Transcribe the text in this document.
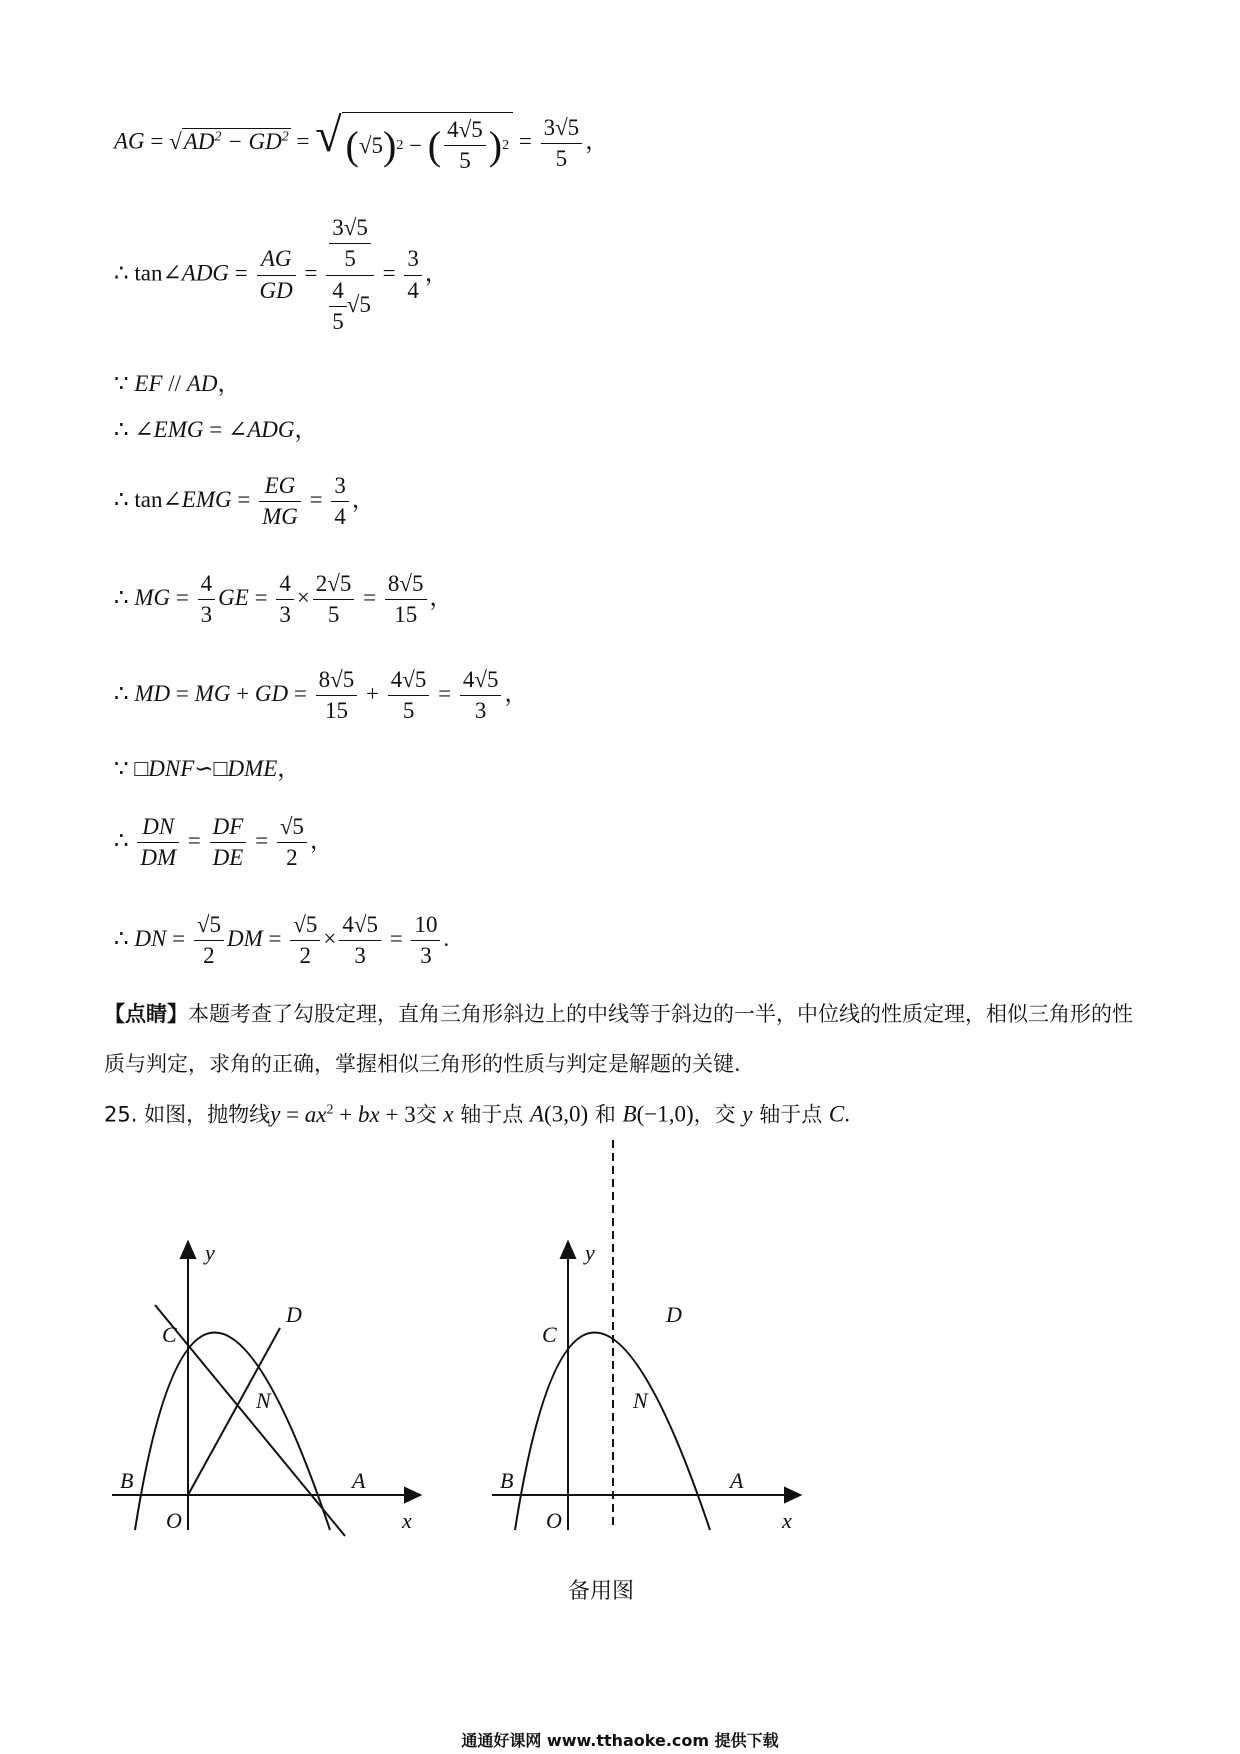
AG = $√AD^2 - GD^2$ = √ ( √5 ) 2 − ( $\frac{4√5}{5}$ ) $2 = \frac{3√5}{5}$ ，
∴ tan∠ADG = $\frac{AG}{GD} = \frac{\frac{3√5}{5}}{\frac{4}{5} √5} = \frac{3}{4}$ ，
∵ EF // AD，
∴ ∠EMG = ∠ADG，
∴ tan∠EMG = $\frac{EG}{MG} = \frac{3}{4}$ ，
∴ MG = $\frac{4}{3}$ GE = $\frac{4}{3} \times \frac{2√5}{5} = \frac{8√5}{15}$ ，
∴ MD = MG + GD = $\frac{8√5}{15} + \frac{4√5}{5} = \frac{4√5}{3}$ ，
∵ □DNF∽□DME，
∴ $\frac{DN}{DM} = \frac{DF}{DE} = \frac{√5}{2}$ ，
∴ DN = $\frac{√5}{2}$ DM = $\frac{√5}{2} \times \frac{4√5}{3} = \frac{10}{3}$ .
【点睛】本题考查了勾股定理，直角三角形斜边上的中线等于斜边的一半，中位线的性质定理，相似三角形的性质与判定，求角的正确，掌握相似三角形的性质与判定是解题的关键.
25. 如图，抛物线$y = ax^2$ + bx + 3交 x 轴于点 A(3,0) 和 B(−1,0)，交 y 轴于点 C.
y
x
O
A
B
C
D
N
y
x
O
A
B
C
D
N
备用图
通通好课网 www.tthaoke.com 提供下载
